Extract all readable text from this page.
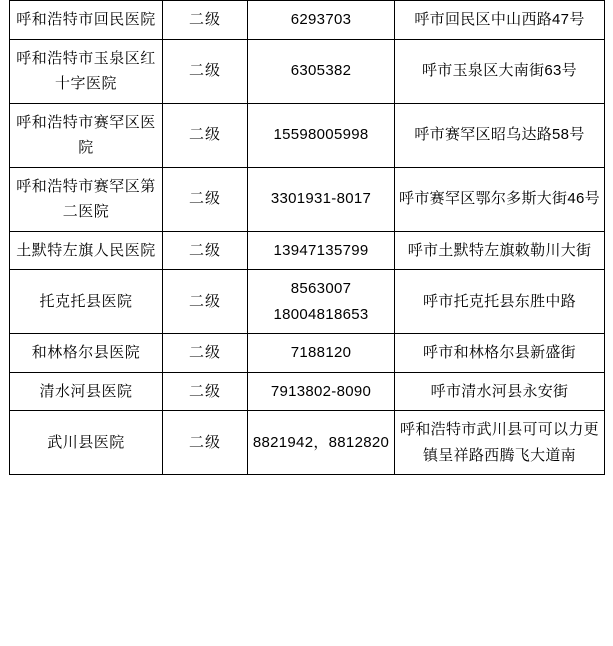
呼和浩特市回民医院	二级	6293703	呼市回民区中山西路47号
呼和浩特市玉泉区红十字医院	二级	6305382	呼市玉泉区大南街63号
呼和浩特市赛罕区医院	二级	15598005998	呼市赛罕区昭乌达路58号
呼和浩特市赛罕区第二医院	二级	3301931-8017	呼市赛罕区鄂尔多斯大街46号
土默特左旗人民医院	二级	13947135799	呼市土默特左旗敕勒川大街
托克托县医院	二级	8563007 18004818653	呼市托克托县东胜中路
和林格尔县医院	二级	7188120	呼市和林格尔县新盛街
清水河县医院	二级	7913802-8090	呼市清水河县永安街
武川县医院	二级	8821942，8812820	呼和浩特市武川县可可以力更镇呈祥路西腾飞大道南
